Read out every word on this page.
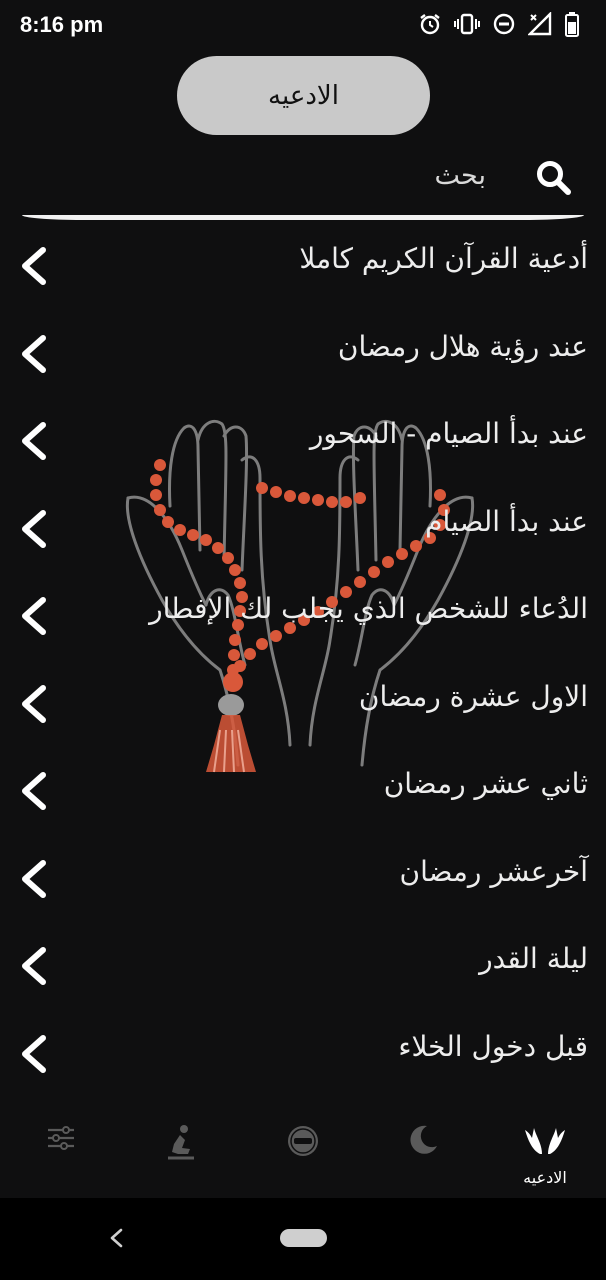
8:16 pm
الادعيه
بحث
أدعية القرآن الكريم كاملا
عند رؤية هلال رمضان
عند بدأ الصيام - السحور
عند بدأ الصيام
الدُعاء للشخص الذي يجلب لك الإفطار
الاول عشرة رمضان
ثاني عشر رمضان
آخرعشر رمضان
ليلة القدر
قبل دخول الخلاء
الادعيه
